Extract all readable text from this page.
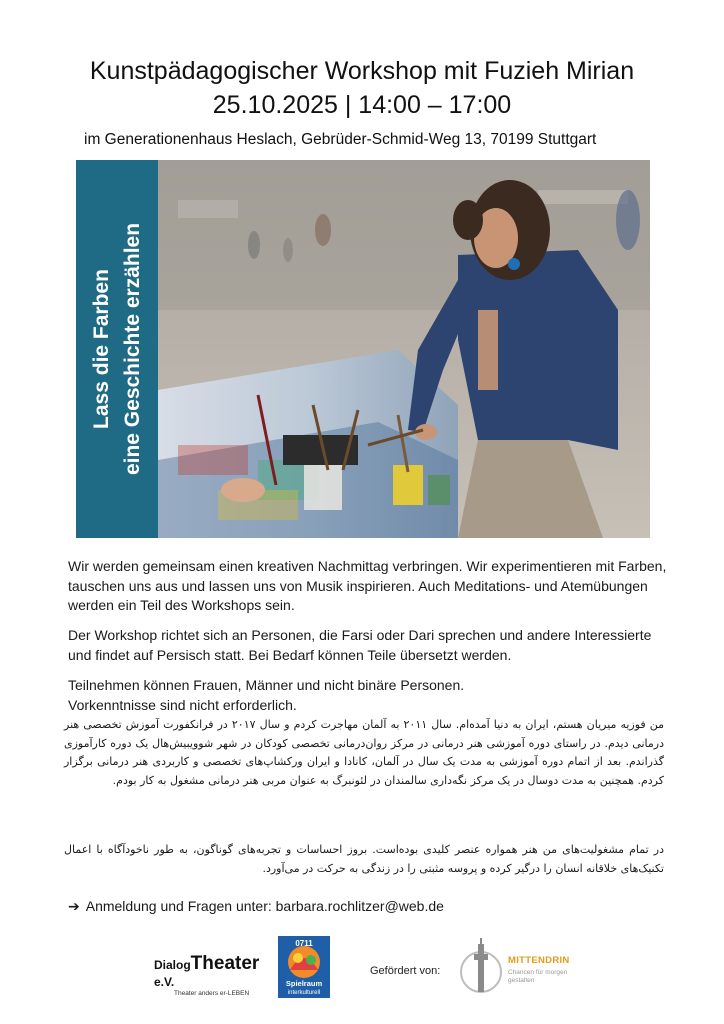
Kunstpädagogischer Workshop mit Fuzieh Mirian
25.10.2025 | 14:00 – 17:00
im Generationenhaus Heslach, Gebrüder-Schmid-Weg 13, 70199 Stuttgart
Lass die Farben eine Geschichte erzählen
Wir werden gemeinsam einen kreativen Nachmittag verbringen. Wir experimentieren mit Farben, tauschen uns aus und lassen uns von Musik inspirieren. Auch Meditations- und Atemübungen werden ein Teil des Workshops sein.
Der Workshop richtet sich an Personen, die Farsi oder Dari sprechen und andere Interessierte und findet auf Persisch statt. Bei Bedarf können Teile übersetzt werden.
Teilnehmen können Frauen, Männer und nicht binäre Personen.
Vorkenntnisse sind nicht erforderlich.
من فوزیه میریان هستم، ایران به دنیا آمده‌ام. سال ۲۰۱۱ به آلمان مهاجرت کردم و سال ۲۰۱۷ در فرانکفورت آموزش تخصصی هنر درمانی دیدم. در راستای دوره آموزشی هنر درمانی در مرکز روان‌درمانی تخصصی کودکان در شهر شوویبیش‌هال یک دوره کارآموزی گذراندم. بعد از اتمام دوره آموزشی به مدت یک سال در آلمان، کانادا و ایران ورکشاپ‌های تخصصی و کاربردی هنر درمانی برگزار کردم. همچنین به مدت دوسال در یک مرکز نگه‌داری سالمندان در لئونبرگ به عنوان مربی هنر درمانی مشغول به کار بودم.
در تمام مشغولیت‌های من هنر همواره عنصر کلیدی بوده‌است. بروز احساسات و تجربه‌های گوناگون، به طور ناخودآگاه با اعمال تکنیک‌های خلاقانه انسان را درگیر کرده و پروسه مثبتی را در زندگی به حرکت در می‌آورد.
➔ Anmeldung und Fragen unter: barbara.rochlitzer@web.de
DialogTheater e.V.
Theater anders er-LEBEN
0711
Spielraum
interkulturell
Gefördert von:
MITTENDRIN
Chancen für morgen gestalten
